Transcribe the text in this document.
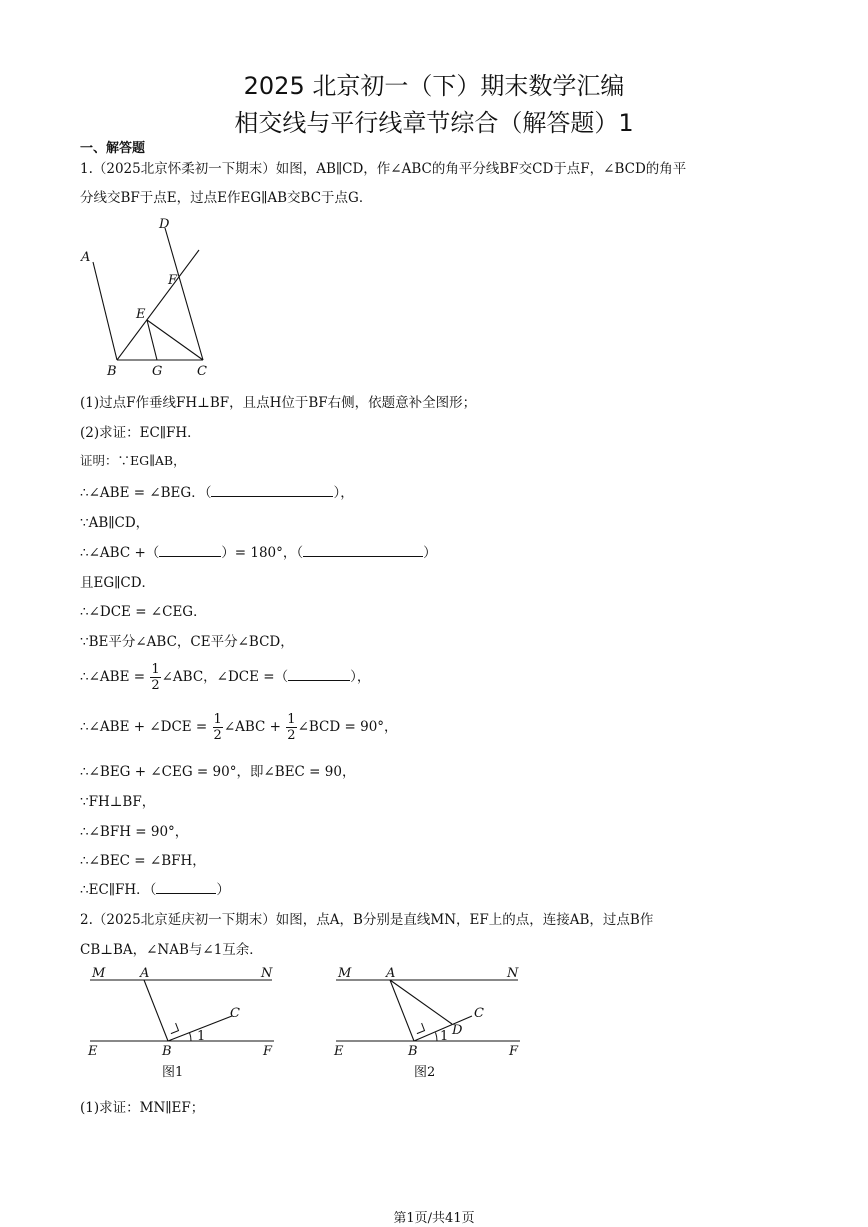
2025 北京初一（下）期末数学汇编
相交线与平行线章节综合（解答题）1
一、解答题
1.（2025北京怀柔初一下期末）如图，AB∥CD，作∠ABC的角平分线BF交CD于点F，∠BCD的角平
分线交BF于点E，过点E作EG∥AB交BC于点G．
D
A
F
E
B	G	C
(1)过点F作垂线FH⊥BF，且点H位于BF右侧，依题意补全图形；
(2)求证：EC∥FH．
证明：∵EG∥AB，
∴∠ABE = ∠BEG．（	），
∵AB∥CD，
∴∠ABC +（	）= 180°，（	）
且EG∥CD．
∴∠DCE = ∠CEG．
∵BE平分∠ABC，CE平分∠BCD，
∴∠ABE = $\frac{1}{2}$ ∠ABC，∠DCE =（	），
∴∠ABE + ∠DCE = $\frac{1}{2}$ ∠ABC + $\frac{1}{2}$ ∠BCD = 90°，
∴∠BEG + ∠CEG = 90°，即∠BEC = 90，
∵FH⊥BF，
∴∠BFH = 90°，
∴∠BEC = ∠BFH，
∴EC∥FH．（	）
2.（2025北京延庆初一下期末）如图，点A，B分别是直线MN，EF上的点，连接AB，过点B作
CB⊥BA，∠NAB与∠1互余．
M	A	N
C
E	B
1
F
图1
M	A	N
C
D
E	B
1
F
图2
(1)求证：MN∥EF；
第1页/共41页
